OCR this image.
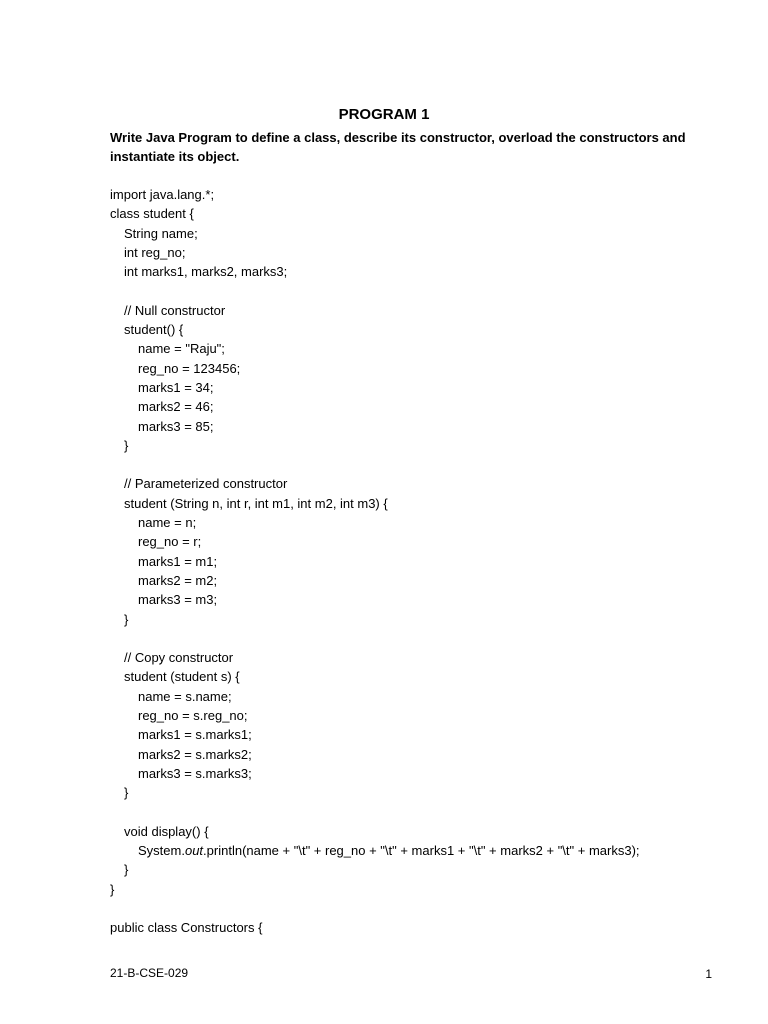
PROGRAM 1
Write Java Program to define a class, describe its constructor, overload the constructors and
instantiate its object.
import java.lang.*;
class student {
String name;
int reg_no;
int marks1, marks2, marks3;
// Null constructor
student() {
name = "Raju";
reg_no = 123456;
marks1 = 34;
marks2 = 46;
marks3 = 85;
}
// Parameterized constructor
student (String n, int r, int m1, int m2, int m3) {
name = n;
reg_no = r;
marks1 = m1;
marks2 = m2;
marks3 = m3;
}
// Copy constructor
student (student s) {
name = s.name;
reg_no = s.reg_no;
marks1 = s.marks1;
marks2 = s.marks2;
marks3 = s.marks3;
}
void display() {
System.out.println(name + "\t" + reg_no + "\t" + marks1 + "\t" + marks2 + "\t" + marks3);
}
}
public class Constructors {
21-B-CSE-029	1
